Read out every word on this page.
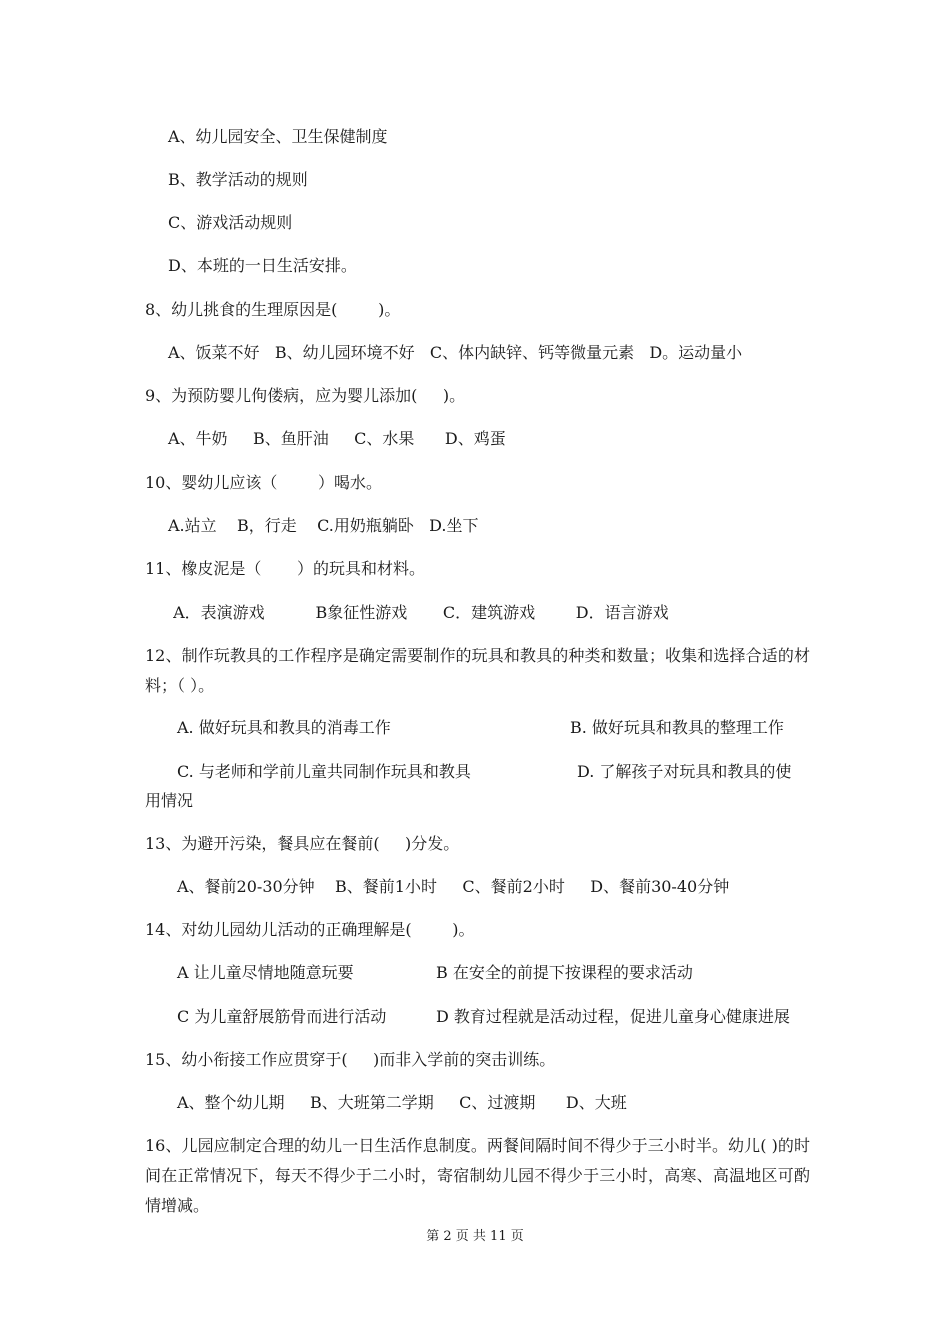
A、幼儿园安全、卫生保健制度
B、教学活动的规则
C、游戏活动规则
D、本班的一日生活安排。
8、幼儿挑食的生理原因是(        )。
A、饭菜不好   B、幼儿园环境不好   C、体内缺锌、钙等微量元素   D。运动量小
9、为预防婴儿佝偻病，应为婴儿添加(     )。
A、牛奶     B、鱼肝油     C、水果      D、鸡蛋
10、婴幼儿应该（        ）喝水。
A.站立    B，行走    C.用奶瓶躺卧   D.坐下
11、橡皮泥是（       ）的玩具和材料。
A．表演游戏          B象征性游戏       C．建筑游戏        D．语言游戏
12、制作玩教具的工作程序是确定需要制作的玩具和教具的种类和数量；收集和选择合适的材料；（ ）。
A. 做好玩具和教具的消毒工作	B. 做好玩具和教具的整理工作
C. 与老师和学前儿童共同制作玩具和教具	D. 了解孩子对玩具和教具的使
用情况
13、为避开污染，餐具应在餐前(     )分发。
A、餐前20-30分钟    B、餐前1小时     C、餐前2小时     D、餐前30-40分钟
14、对幼儿园幼儿活动的正确理解是(        )。
A 让儿童尽情地随意玩要	B 在安全的前提下按课程的要求活动
C 为儿童舒展筋骨而进行活动	D 教育过程就是活动过程，促进儿童身心健康进展
15、幼小衔接工作应贯穿于(     )而非入学前的突击训练。
A、整个幼儿期     B、大班第二学期     C、过渡期      D、大班
16、儿园应制定合理的幼儿一日生活作息制度。两餐间隔时间不得少于三小时半。幼儿( )的时间在正常情况下，每天不得少于二小时，寄宿制幼儿园不得少于三小时，高寒、高温地区可酌情增减。
第 2 页 共 11 页
